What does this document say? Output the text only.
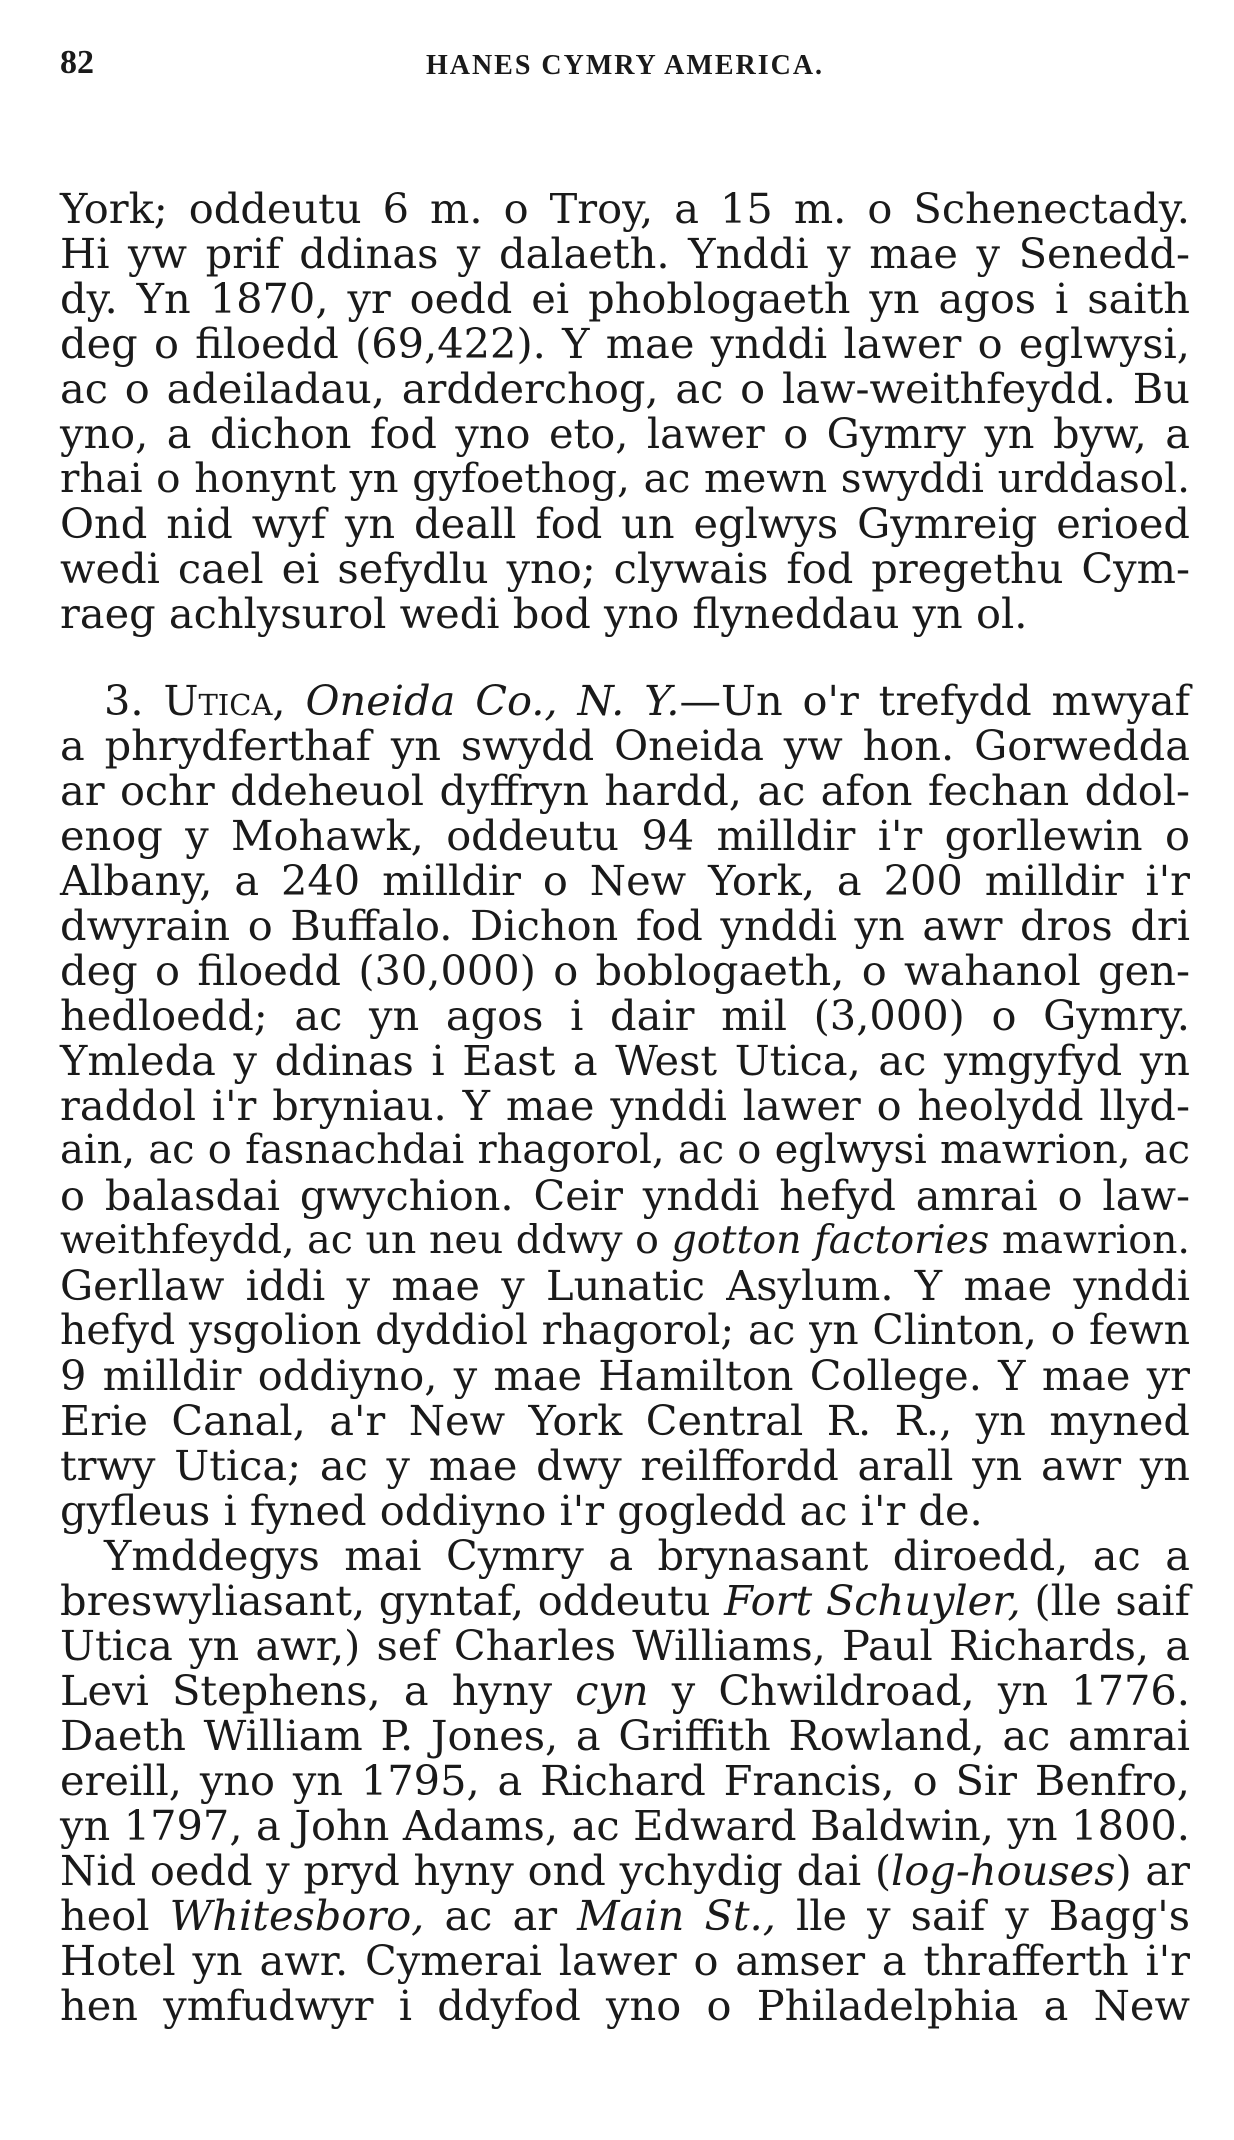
82	HANES CYMRY AMERICA.
York; oddeutu 6 m. o Troy, a 15 m. o Schenectady.
Hi yw prif ddinas y dalaeth. Ynddi y mae y Senedd-
dy. Yn 1870, yr oedd ei phoblogaeth yn agos i saith
deg o filoedd (69,422). Y mae ynddi lawer o eglwysi,
ac o adeiladau, ardderchog, ac o law-weithfeydd. Bu
yno, a dichon fod yno eto, lawer o Gymry yn byw, a
rhai o honynt yn gyfoethog, ac mewn swyddi urddasol.
Ond nid wyf yn deall fod un eglwys Gymreig erioed
wedi cael ei sefydlu yno; clywais fod pregethu Cym-
raeg achlysurol wedi bod yno flyneddau yn ol.
3. Utica, Oneida Co., N. Y.—Un o'r trefydd mwyaf
a phrydferthaf yn swydd Oneida yw hon. Gorwedda
ar ochr ddeheuol dyffryn hardd, ac afon fechan ddol-
enog y Mohawk, oddeutu 94 milldir i'r gorllewin o
Albany, a 240 milldir o New York, a 200 milldir i'r
dwyrain o Buffalo. Dichon fod ynddi yn awr dros dri
deg o filoedd (30,000) o boblogaeth, o wahanol gen-
hedloedd; ac yn agos i dair mil (3,000) o Gymry.
Ymleda y ddinas i East a West Utica, ac ymgyfyd yn
raddol i'r bryniau. Y mae ynddi lawer o heolydd llyd-
ain, ac o fasnachdai rhagorol, ac o eglwysi mawrion, ac
o balasdai gwychion. Ceir ynddi hefyd amrai o law-
weithfeydd, ac un neu ddwy o gotton factories mawrion.
Gerllaw iddi y mae y Lunatic Asylum. Y mae ynddi
hefyd ysgolion dyddiol rhagorol; ac yn Clinton, o fewn
9 milldir oddiyno, y mae Hamilton College. Y mae yr
Erie Canal, a'r New York Central R. R., yn myned
trwy Utica; ac y mae dwy reilffordd arall yn awr yn
gyfleus i fyned oddiyno i'r gogledd ac i'r de.
Ymddegys mai Cymry a brynasant diroedd, ac a
breswyliasant, gyntaf, oddeutu Fort Schuyler, (lle saif
Utica yn awr,) sef Charles Williams, Paul Richards, a
Levi Stephens, a hyny cyn y Chwildroad, yn 1776.
Daeth William P. Jones, a Griffith Rowland, ac amrai
ereill, yno yn 1795, a Richard Francis, o Sir Benfro,
yn 1797, a John Adams, ac Edward Baldwin, yn 1800.
Nid oedd y pryd hyny ond ychydig dai (log-houses) ar
heol Whitesboro, ac ar Main St., lle y saif y Bagg's
Hotel yn awr. Cymerai lawer o amser a thrafferth i'r
hen ymfudwyr i ddyfod yno o Philadelphia a New
